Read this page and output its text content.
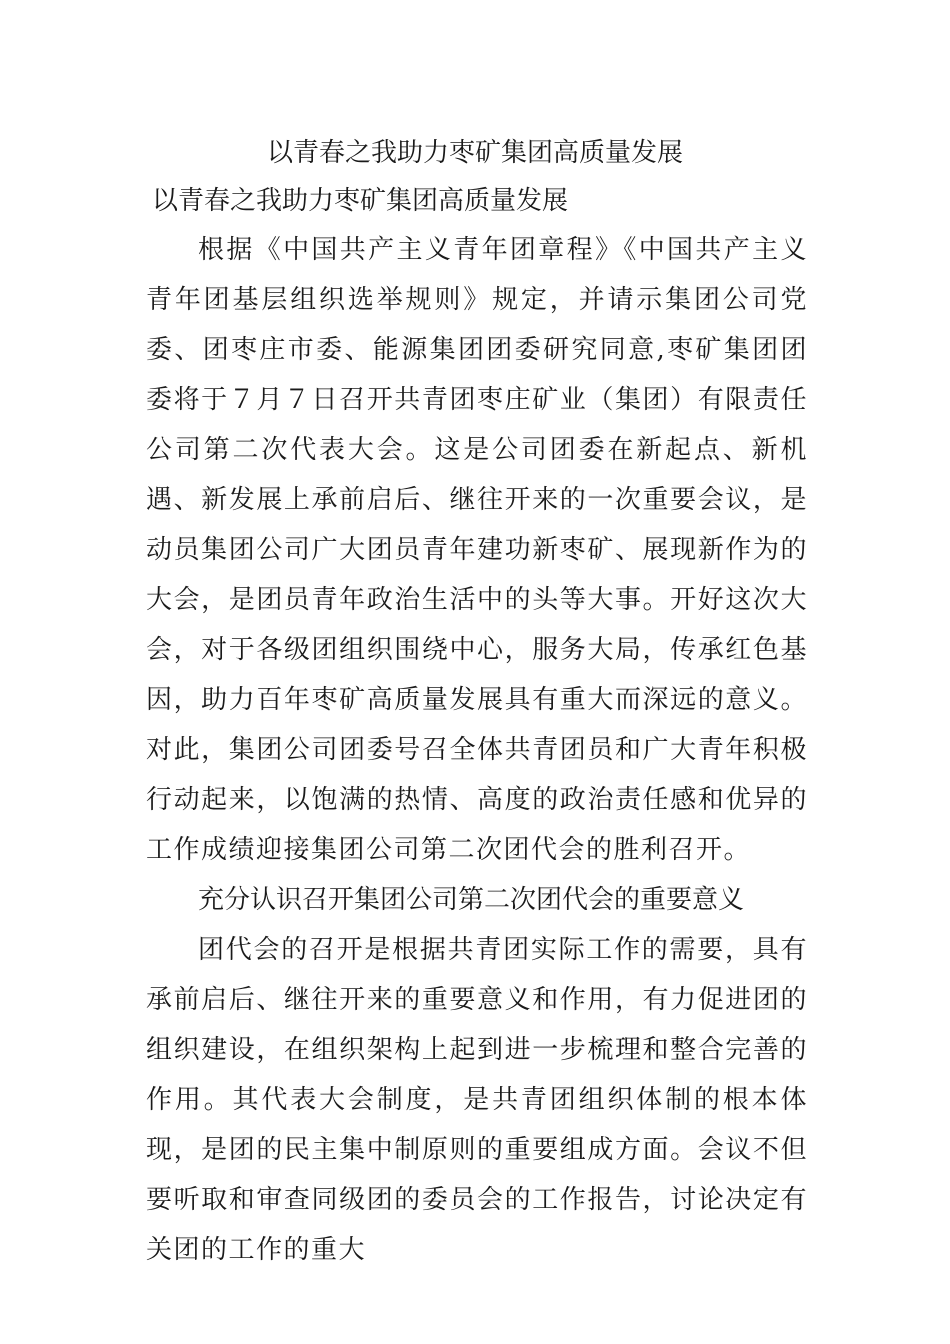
以青春之我助力枣矿集团高质量发展
以青春之我助力枣矿集团高质量发展

根据《中国共产主义青年团章程》《中国共产主义青年团基层组织选举规则》规定，并请示集团公司党委、团枣庄市委、能源集团团委研究同意,枣矿集团团委将于７月７日召开共青团枣庄矿业（集团）有限责任公司第二次代表大会。这是公司团委在新起点、新机遇、新发展上承前启后、继往开来的一次重要会议，是动员集团公司广大团员青年建功新枣矿、展现新作为的大会，是团员青年政治生活中的头等大事。开好这次大会，对于各级团组织围绕中心，服务大局，传承红色基因，助力百年枣矿高质量发展具有重大而深远的意义。对此，集团公司团委号召全体共青团员和广大青年积极行动起来，以饱满的热情、高度的政治责任感和优异的工作成绩迎接集团公司第二次团代会的胜利召开。

充分认识召开集团公司第二次团代会的重要意义

团代会的召开是根据共青团实际工作的需要，具有承前启后、继往开来的重要意义和作用，有力促进团的组织建设，在组织架构上起到进一步梳理和整合完善的作用。其代表大会制度，是共青团组织体制的根本体现，是团的民主集中制原则的重要组成方面。会议不但要听取和审查同级团的委员会的工作报告，讨论决定有关团的工作的重大
